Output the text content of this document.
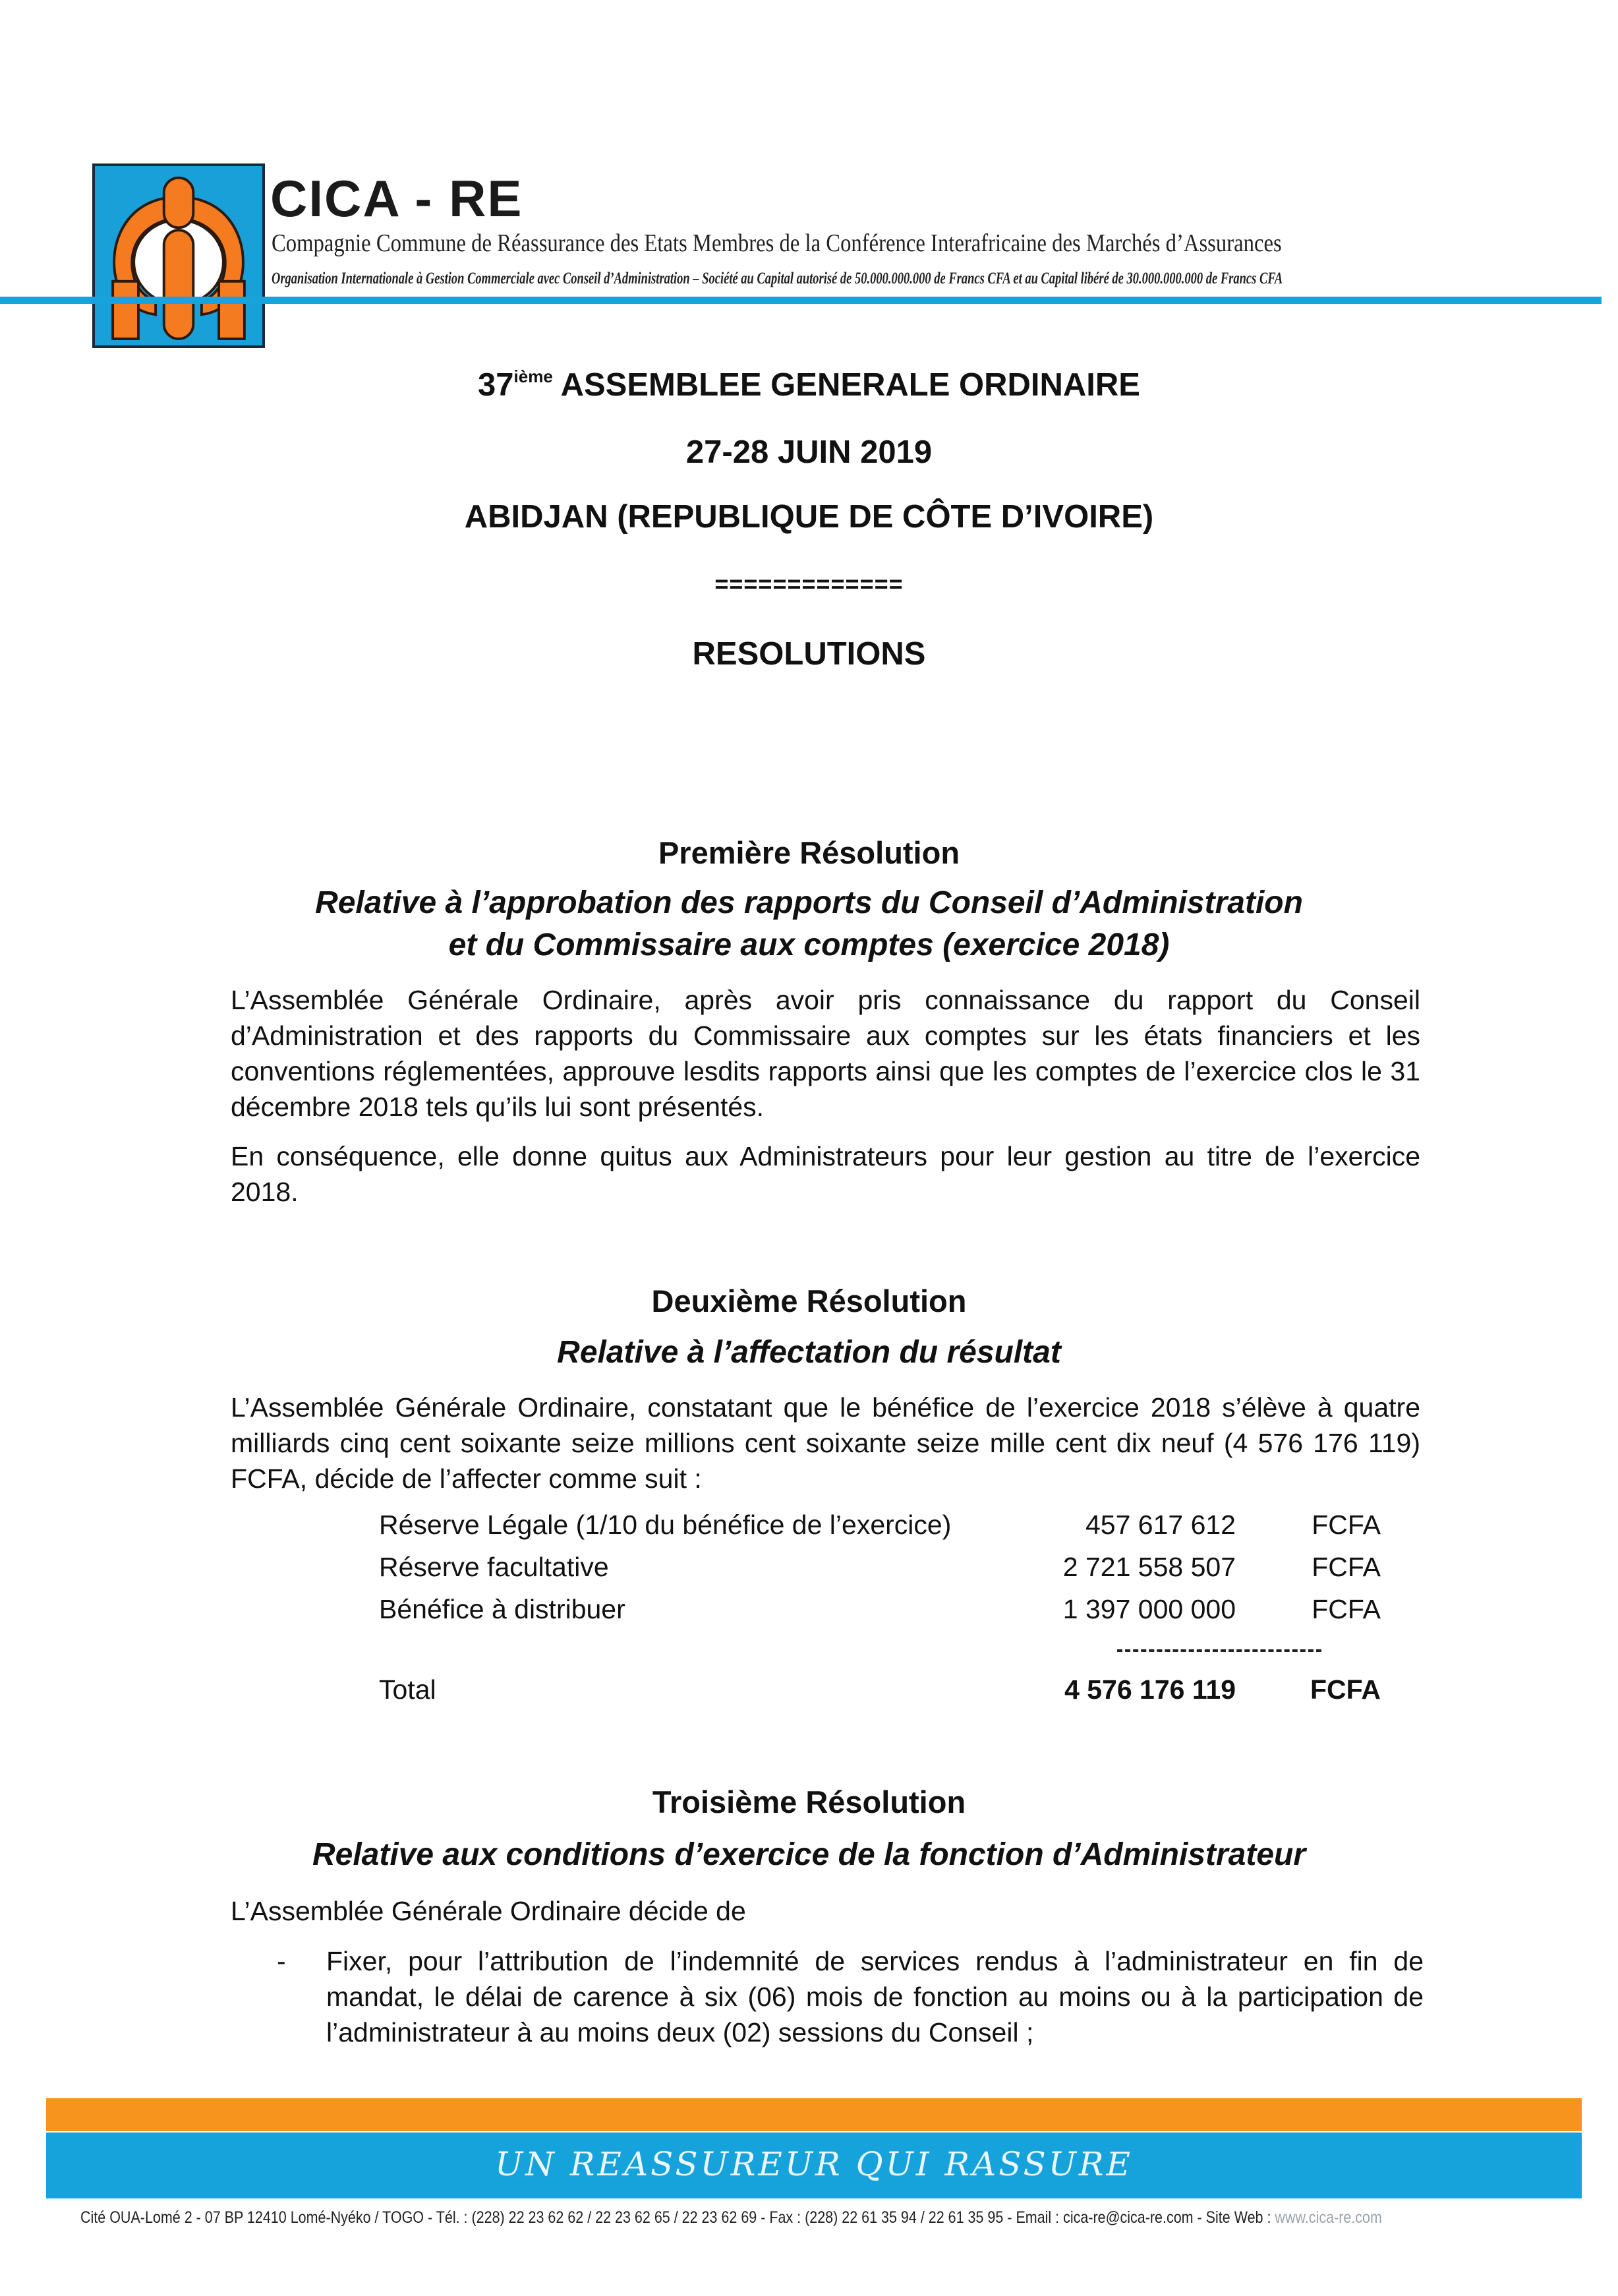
CICA - RE
Compagnie Commune de Réassurance des Etats Membres de la Conférence Interafricaine des Marchés d’Assurances
Organisation Internationale à Gestion Commerciale avec Conseil d’Administration – Société au Capital autorisé de 50.000.000.000 de Francs CFA et au Capital libéré de 30.000.000.000 de Francs CFA
37ième ASSEMBLEE GENERALE ORDINAIRE
27-28 JUIN 2019
ABIDJAN (REPUBLIQUE DE CÔTE D’IVOIRE)
=============
RESOLUTIONS
Première Résolution
Relative à l’approbation des rapports du Conseil d’Administration
et du Commissaire aux comptes (exercice 2018)
L’Assemblée Générale Ordinaire, après avoir pris connaissance du rapport du Conseil d’Administration et des rapports du Commissaire aux comptes sur les états financiers et les conventions réglementées, approuve lesdits rapports ainsi que les comptes de l’exercice clos le 31 décembre 2018 tels qu’ils lui sont présentés.
En conséquence, elle donne quitus aux Administrateurs pour leur gestion au titre de l’exercice 2018.
Deuxième Résolution
Relative à l’affectation du résultat
L’Assemblée Générale Ordinaire, constatant que le bénéfice de l’exercice 2018 s’élève à quatre milliards cinq cent soixante seize millions cent soixante seize mille cent dix neuf (4 576 176 119) FCFA, décide de l’affecter comme suit :
Réserve Légale (1/10 du bénéfice de l’exercice)	457 617 612	FCFA
Réserve facultative	2 721 558 507	FCFA
Bénéfice à distribuer	1 397 000 000	FCFA
Total	4 576 176 119	FCFA
Troisième Résolution
Relative aux conditions d’exercice de la fonction d’Administrateur
L’Assemblée Générale Ordinaire décide de
- Fixer, pour l’attribution de l’indemnité de services rendus à l’administrateur en fin de mandat, le délai de carence à six (06) mois de fonction au moins ou à la participation de l’administrateur à au moins deux (02) sessions du Conseil ;
UN REASSUREUR QUI RASSURE
Cité OUA-Lomé 2 - 07 BP 12410 Lomé-Nyéko / TOGO - Tél. : (228) 22 23 62 62 / 22 23 62 65 / 22 23 62 69 - Fax : (228) 22 61 35 94 / 22 61 35 95 - Email : cica-re@cica-re.com - Site Web : www.cica-re.com
